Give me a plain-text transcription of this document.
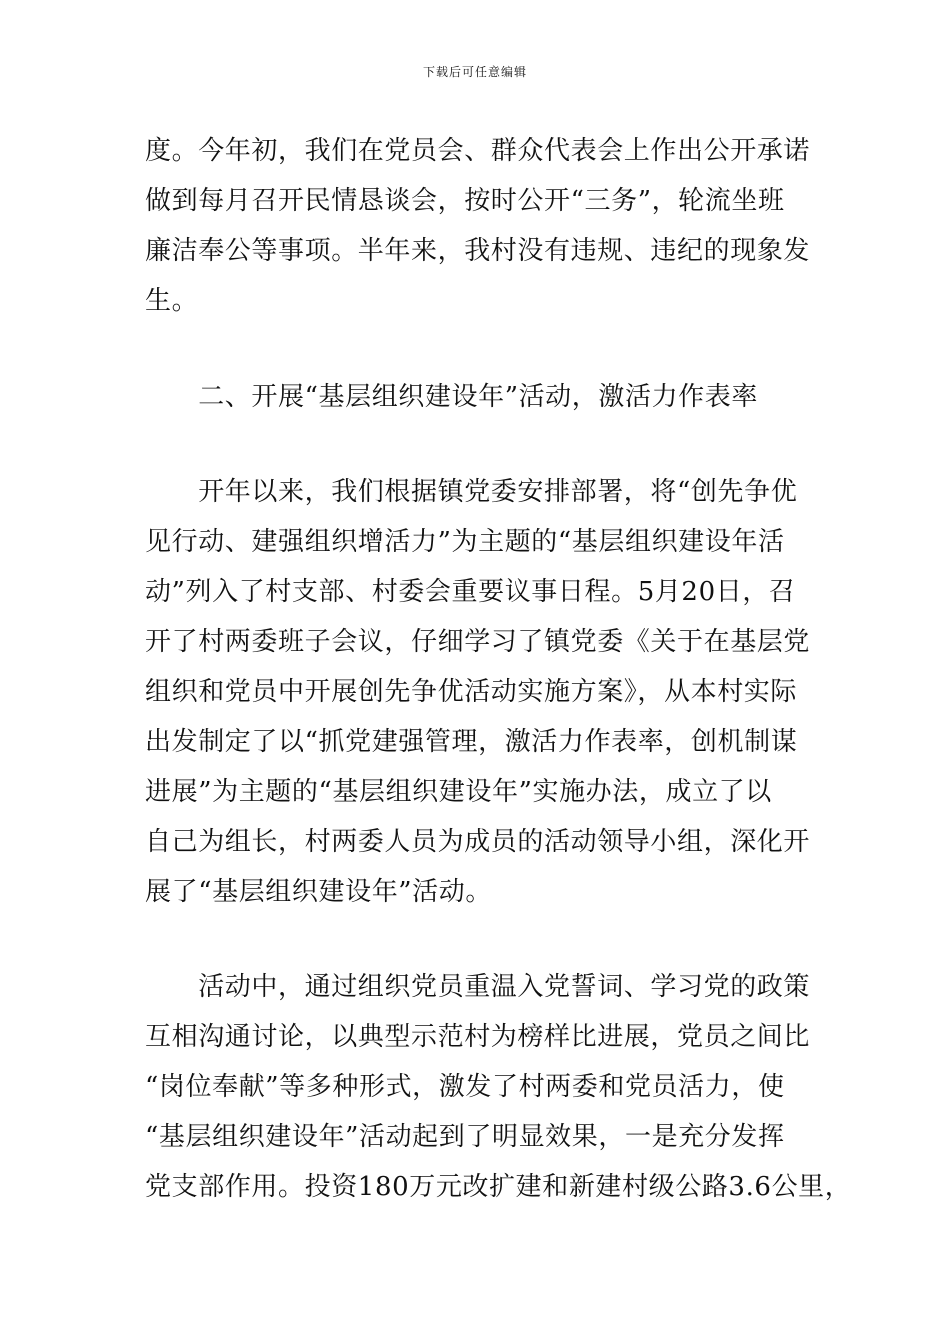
下载后可任意编辑
度。今年初，我们在党员会、群众代表会上作出公开承诺
做到每月召开民情恳谈会，按时公开“三务”，轮流坐班
廉洁奉公等事项。半年来，我村没有违规、违纪的现象发
生。
　　二、开展“基层组织建设年”活动，激活力作表率
　　开年以来，我们根据镇党委安排部署，将“创先争优
见行动、建强组织增活力”为主题的“基层组织建设年活
动”列入了村支部、村委会重要议事日程。5月20日，召
开了村两委班子会议，仔细学习了镇党委《关于在基层党
组织和党员中开展创先争优活动实施方案》，从本村实际
出发制定了以“抓党建强管理，激活力作表率，创机制谋
进展”为主题的“基层组织建设年”实施办法，成立了以
自己为组长，村两委人员为成员的活动领导小组，深化开
展了“基层组织建设年”活动。
　　活动中，通过组织党员重温入党誓词、学习党的政策
互相沟通讨论，以典型示范村为榜样比进展，党员之间比
“岗位奉献”等多种形式，激发了村两委和党员活力，使
“基层组织建设年”活动起到了明显效果，一是充分发挥
党支部作用。投资180万元改扩建和新建村级公路3.6公里，
